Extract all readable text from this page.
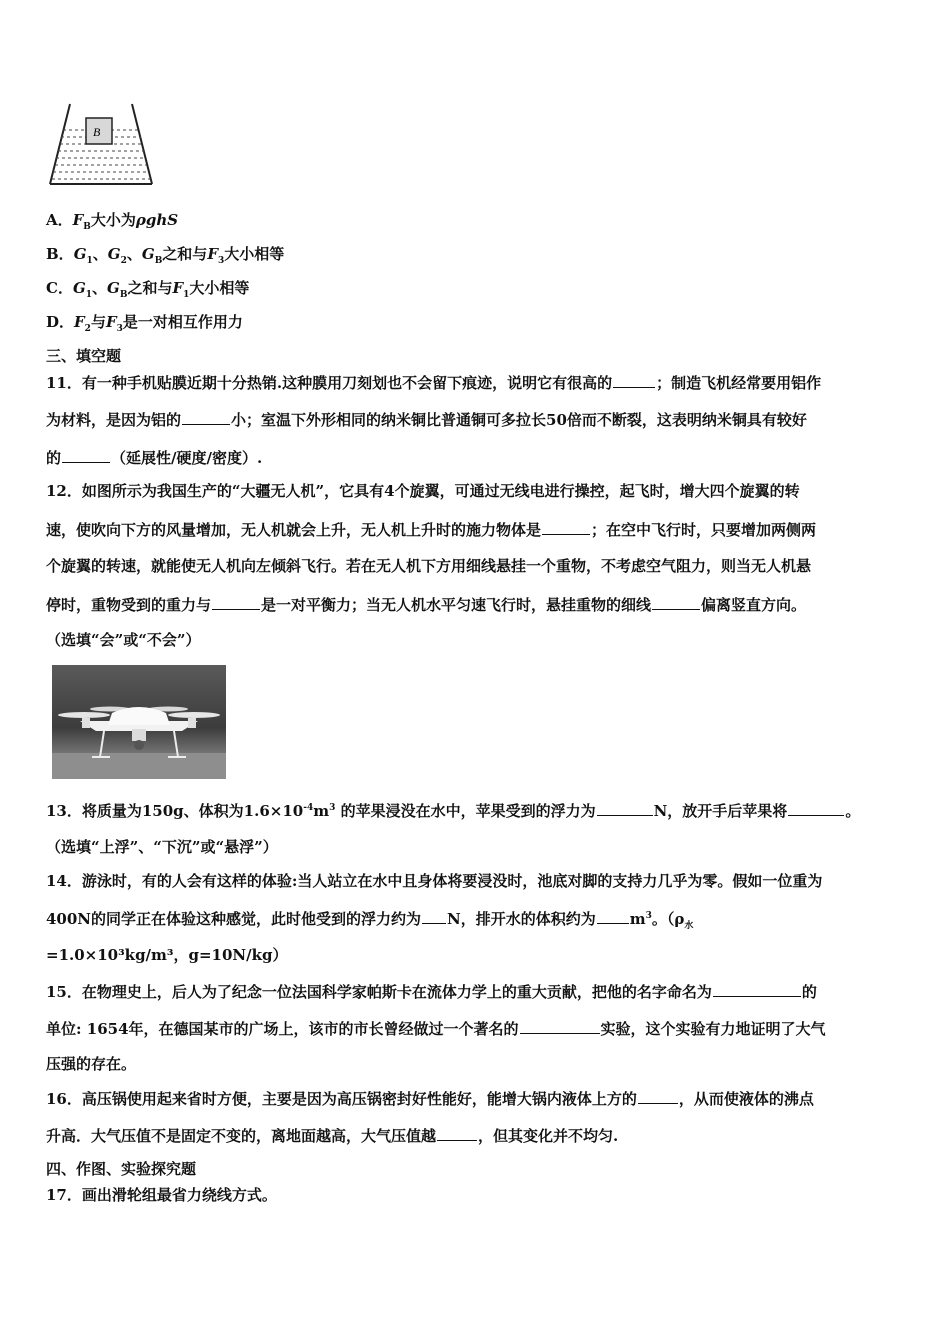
B
A．$F_B$大小为ρghS
B．$G_1$、$G_2$、$G_B$之和与$F_3$大小相等
C．$G_1$、$G_B$之和与$F_1$大小相等
D．$F_2$与$F_3$是一对相互作用力
三、填空题
11．有一种手机贴膜近期十分热销.这种膜用刀刻划也不会留下痕迹，说明它有很高的	；制造飞机经常要用铝作
为材料，是因为铝的	小；室温下外形相同的纳米铜比普通铜可多拉长50倍而不断裂，这表明纳米铜具有较好
的	（延展性/硬度/密度）.
12．如图所示为我国生产的“大疆无人机”，它具有4个旋翼，可通过无线电进行操控，起飞时，增大四个旋翼的转
速，使吹向下方的风量增加，无人机就会上升，无人机上升时的施力物体是	；在空中飞行时，只要增加两侧两
个旋翼的转速，就能使无人机向左倾斜飞行。若在无人机下方用细线悬挂一个重物，不考虑空气阻力，则当无人机悬
停时，重物受到的重力与	是一对平衡力；当无人机水平匀速飞行时，悬挂重物的细线	偏离竖直方向。
（选填“会”或“不会”）
13．将质量为150g、体积为$1.6\times 10^{-4}m^3$ 的苹果浸没在水中，苹果受到的浮力为	N，放开手后苹果将	。
（选填“上浮”、“下沉”或“悬浮”）
14．游泳时，有的人会有这样的体验:当人站立在水中且身体将要浸没时，池底对脚的支持力几乎为零。假如一位重为
400N的同学正在体验这种感觉，此时他受到的浮力约为 N，排开水的体积约为 $m^3$。（$\rho_水$
=1.0×10³kg/m³，g=10N/kg）
15．在物理史上，后人为了纪念一位法国科学家帕斯卡在流体力学上的重大贡献，把他的名字命名为	的
单位: 1654年，在德国某市的广场上，该市的市长曾经做过一个著名的	实验，这个实验有力地证明了大气
压强的存在。
16．高压锅使用起来省时方便，主要是因为高压锅密封好性能好，能增大锅内液体上方的	，从而使液体的沸点
升高．大气压值不是固定不变的，离地面越高，大气压值越	，但其变化并不均匀.
四、作图、实验探究题
17．画出滑轮组最省力绕线方式。
